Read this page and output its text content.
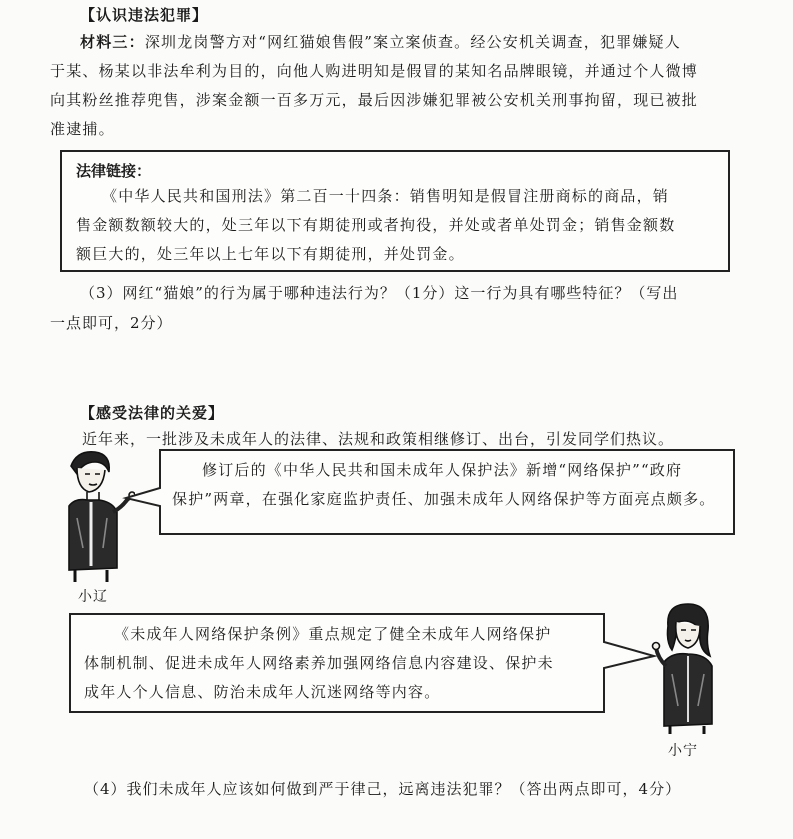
【认识违法犯罪】
材料三：深圳龙岗警方对“网红猫娘售假”案立案侦查。经公安机关调查，犯罪嫌疑人
于某、杨某以非法牟利为目的，向他人购进明知是假冒的某知名品牌眼镜，并通过个人微博
向其粉丝推荐兜售，涉案金额一百多万元，最后因涉嫌犯罪被公安机关刑事拘留，现已被批
准逮捕。
法律链接：
《中华人民共和国刑法》第二百一十四条：销售明知是假冒注册商标的商品，销
售金额数额较大的，处三年以下有期徒刑或者拘役，并处或者单处罚金；销售金额数
额巨大的，处三年以上七年以下有期徒刑，并处罚金。
（3）网红“猫娘”的行为属于哪种违法行为？（1分）这一行为具有哪些特征？（写出
一点即可，2分）
【感受法律的关爱】
近年来，一批涉及未成年人的法律、法规和政策相继修订、出台，引发同学们热议。
小辽
修订后的《中华人民共和国未成年人保护法》新增“网络保护”“政府
保护”两章，在强化家庭监护责任、加强未成年人网络保护等方面亮点颇多。
《未成年人网络保护条例》重点规定了健全未成年人网络保护
体制机制、促进未成年人网络素养加强网络信息内容建设、保护未
成年人个人信息、防治未成年人沉迷网络等内容。
小宁
（4）我们未成年人应该如何做到严于律己，远离违法犯罪？（答出两点即可，4分）
